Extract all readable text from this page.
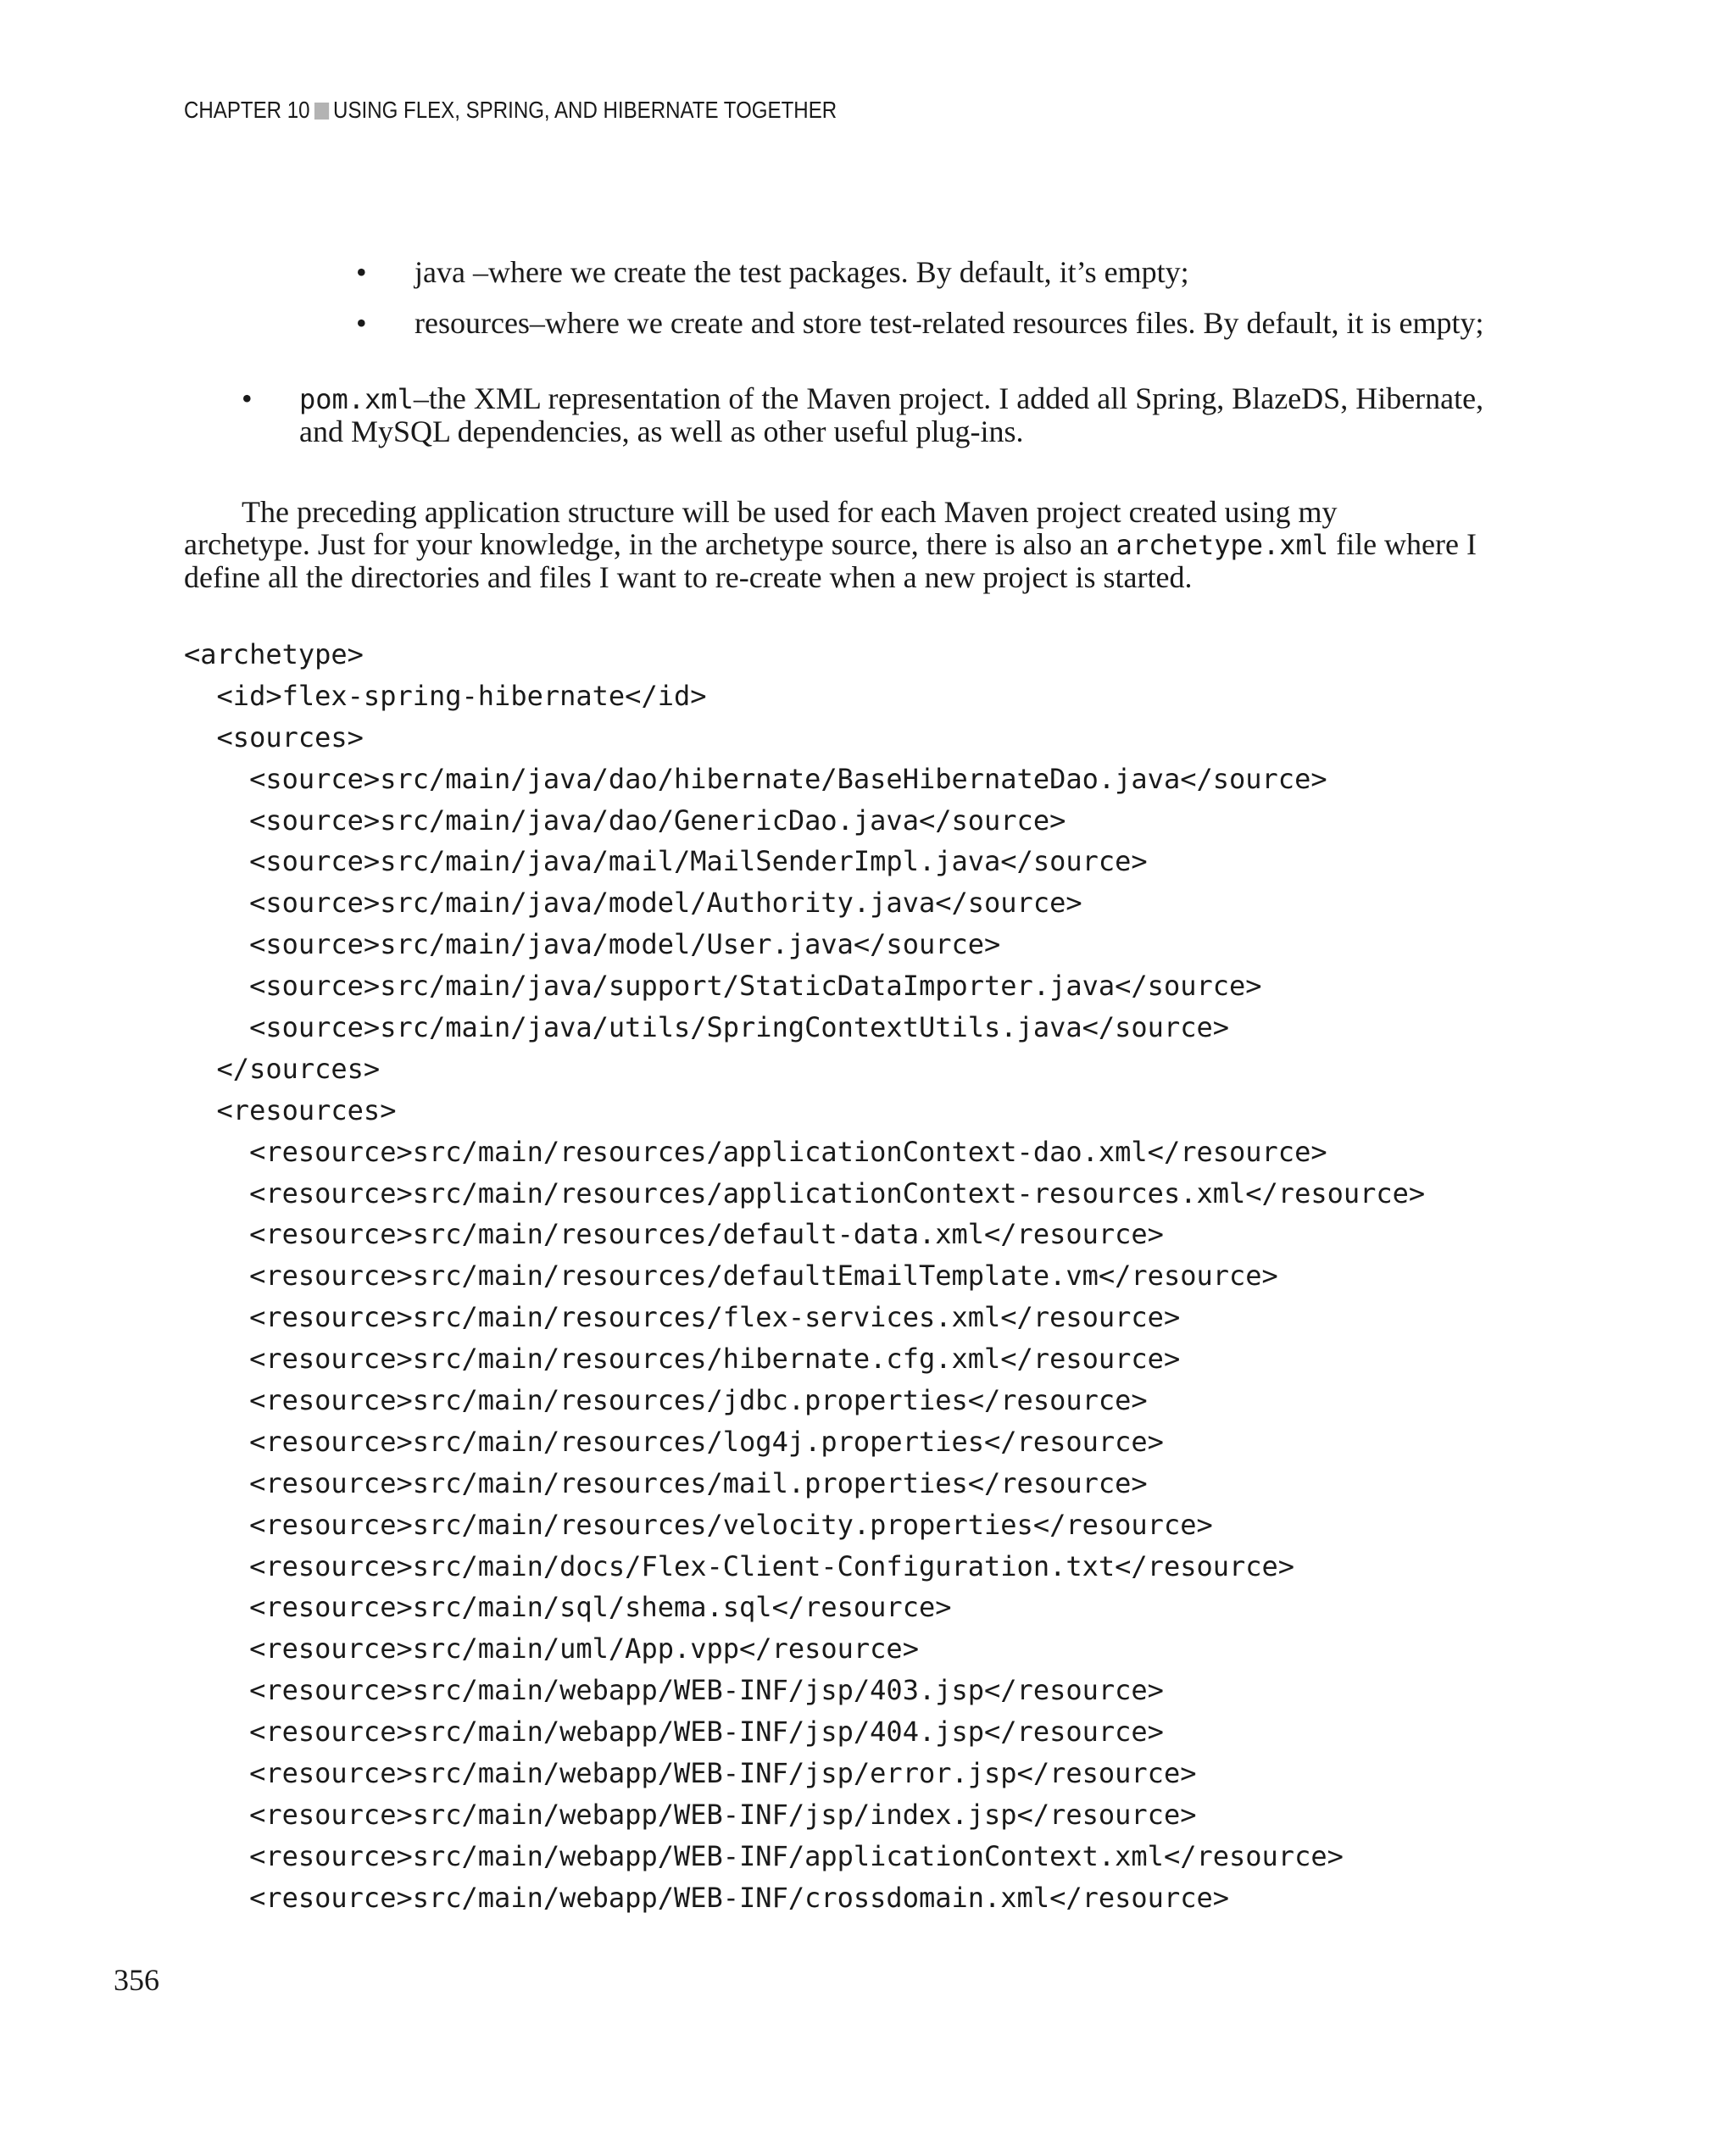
CHAPTER 10 USING FLEX, SPRING, AND HIBERNATE TOGETHER
• java –where we create the test packages. By default, it’s empty;
• resources–where we create and store test-related resources files. By default, it is empty;
• pom.xml–the XML representation of the Maven project. I added all Spring, BlazeDS, Hibernate,
and MySQL dependencies, as well as other useful plug-ins.

The preceding application structure will be used for each Maven project created using my

archetype. Just for your knowledge, in the archetype source, there is also an archetype.xml file where I

define all the directories and files I want to re-create when a new project is started.

<archetype>
<id>flex-spring-hibernate</id>
<sources>
<source>src/main/java/dao/hibernate/BaseHibernateDao.java</source>
<source>src/main/java/dao/GenericDao.java</source>
<source>src/main/java/mail/MailSenderImpl.java</source>
<source>src/main/java/model/Authority.java</source>
<source>src/main/java/model/User.java</source>
<source>src/main/java/support/StaticDataImporter.java</source>
<source>src/main/java/utils/SpringContextUtils.java</source>
</sources>
<resources>
<resource>src/main/resources/applicationContext-dao.xml</resource>
<resource>src/main/resources/applicationContext-resources.xml</resource>
<resource>src/main/resources/default-data.xml</resource>
<resource>src/main/resources/defaultEmailTemplate.vm</resource>
<resource>src/main/resources/flex-services.xml</resource>
<resource>src/main/resources/hibernate.cfg.xml</resource>
<resource>src/main/resources/jdbc.properties</resource>
<resource>src/main/resources/log4j.properties</resource>
<resource>src/main/resources/mail.properties</resource>
<resource>src/main/resources/velocity.properties</resource>
<resource>src/main/docs/Flex-Client-Configuration.txt</resource>
<resource>src/main/sql/shema.sql</resource>
<resource>src/main/uml/App.vpp</resource>
<resource>src/main/webapp/WEB-INF/jsp/403.jsp</resource>
<resource>src/main/webapp/WEB-INF/jsp/404.jsp</resource>
<resource>src/main/webapp/WEB-INF/jsp/error.jsp</resource>
<resource>src/main/webapp/WEB-INF/jsp/index.jsp</resource>
<resource>src/main/webapp/WEB-INF/applicationContext.xml</resource>
<resource>src/main/webapp/WEB-INF/crossdomain.xml</resource>
356
